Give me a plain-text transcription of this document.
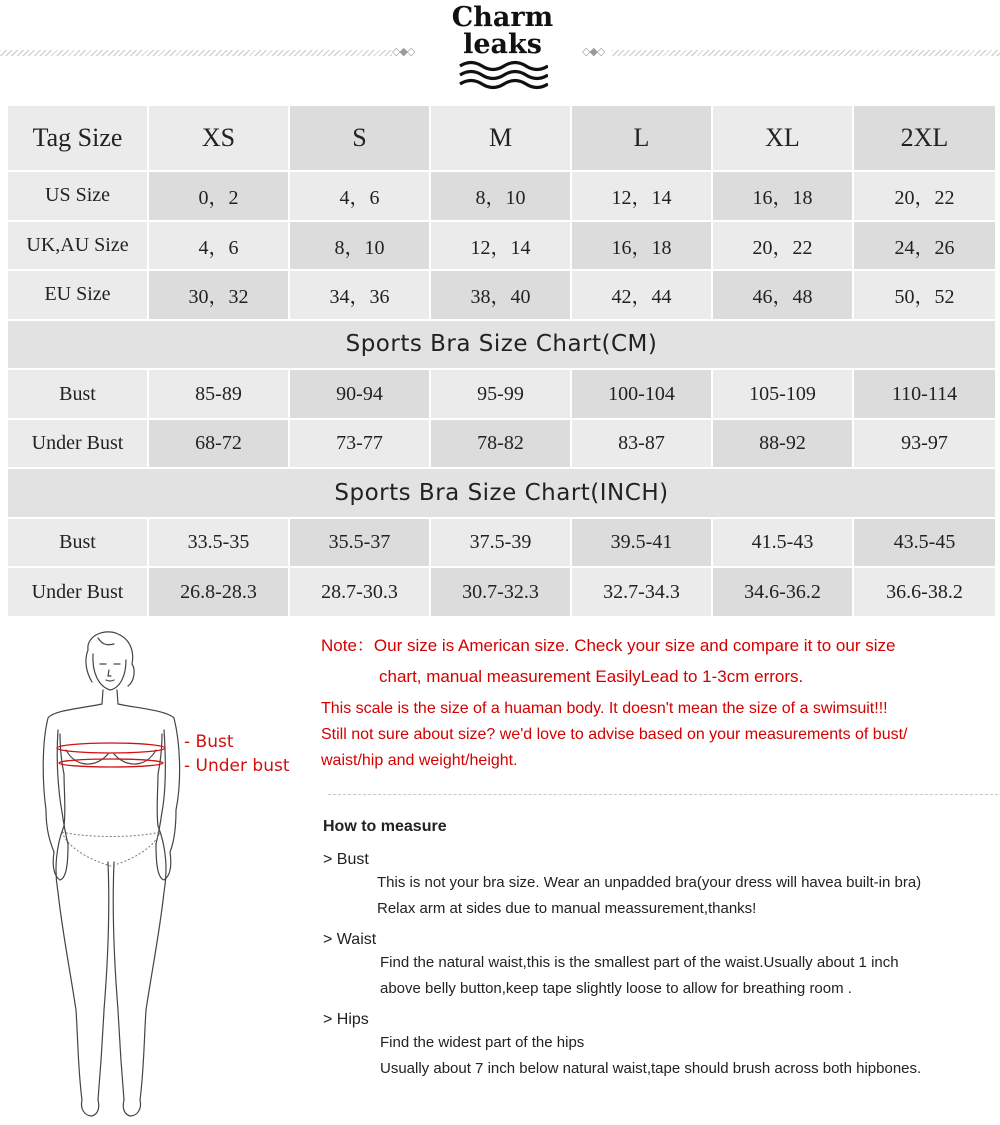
◇◆◇
Charm
leaks	◇◆◇
Tag Size	XS	S	M	L	XL	2XL
US Size	0，2	4，6	8，10	12，14	16，18	20，22
UK,AU Size	4，6	8，10	12，14	16，18	20，22	24，26
EU Size	30，32	34，36	38，40	42，44	46，48	50，52
Sports Bra Size Chart(CM)						
Bust	85-89	90-94	95-99	100-104	105-109	110-114
Under Bust	68-72	73-77	78-82	83-87	88-92	93-97
Sports Bra Size Chart(INCH)						
Bust	33.5-35	35.5-37	37.5-39	39.5-41	41.5-43	43.5-45
Under Bust	26.8-28.3	28.7-30.3	30.7-32.3	32.7-34.3	34.6-36.2	36.6-38.2
- Bust
- Under bust
Note：Our size is American size. Check your size and compare it to our size
chart, manual measurement EasilyLead to 1-3cm errors.
This scale is the size of a huaman body. It doesn't mean the size of a swimsuit!!!
Still not sure about size? we'd love to advise based on your measurements of bust/
waist/hip and weight/height.
How to measure
> Bust
This is not your bra size. Wear an unpadded bra(your dress will havea built-in bra)
Relax arm at sides due to manual meassurement,thanks!
> Waist
Find the natural waist,this is the smallest part of the waist.Usually about 1 inch
above belly button,keep tape slightly loose to allow for breathing room .
> Hips
Find the widest part of the hips
Usually about 7 inch below natural waist,tape should brush across both hipbones.
